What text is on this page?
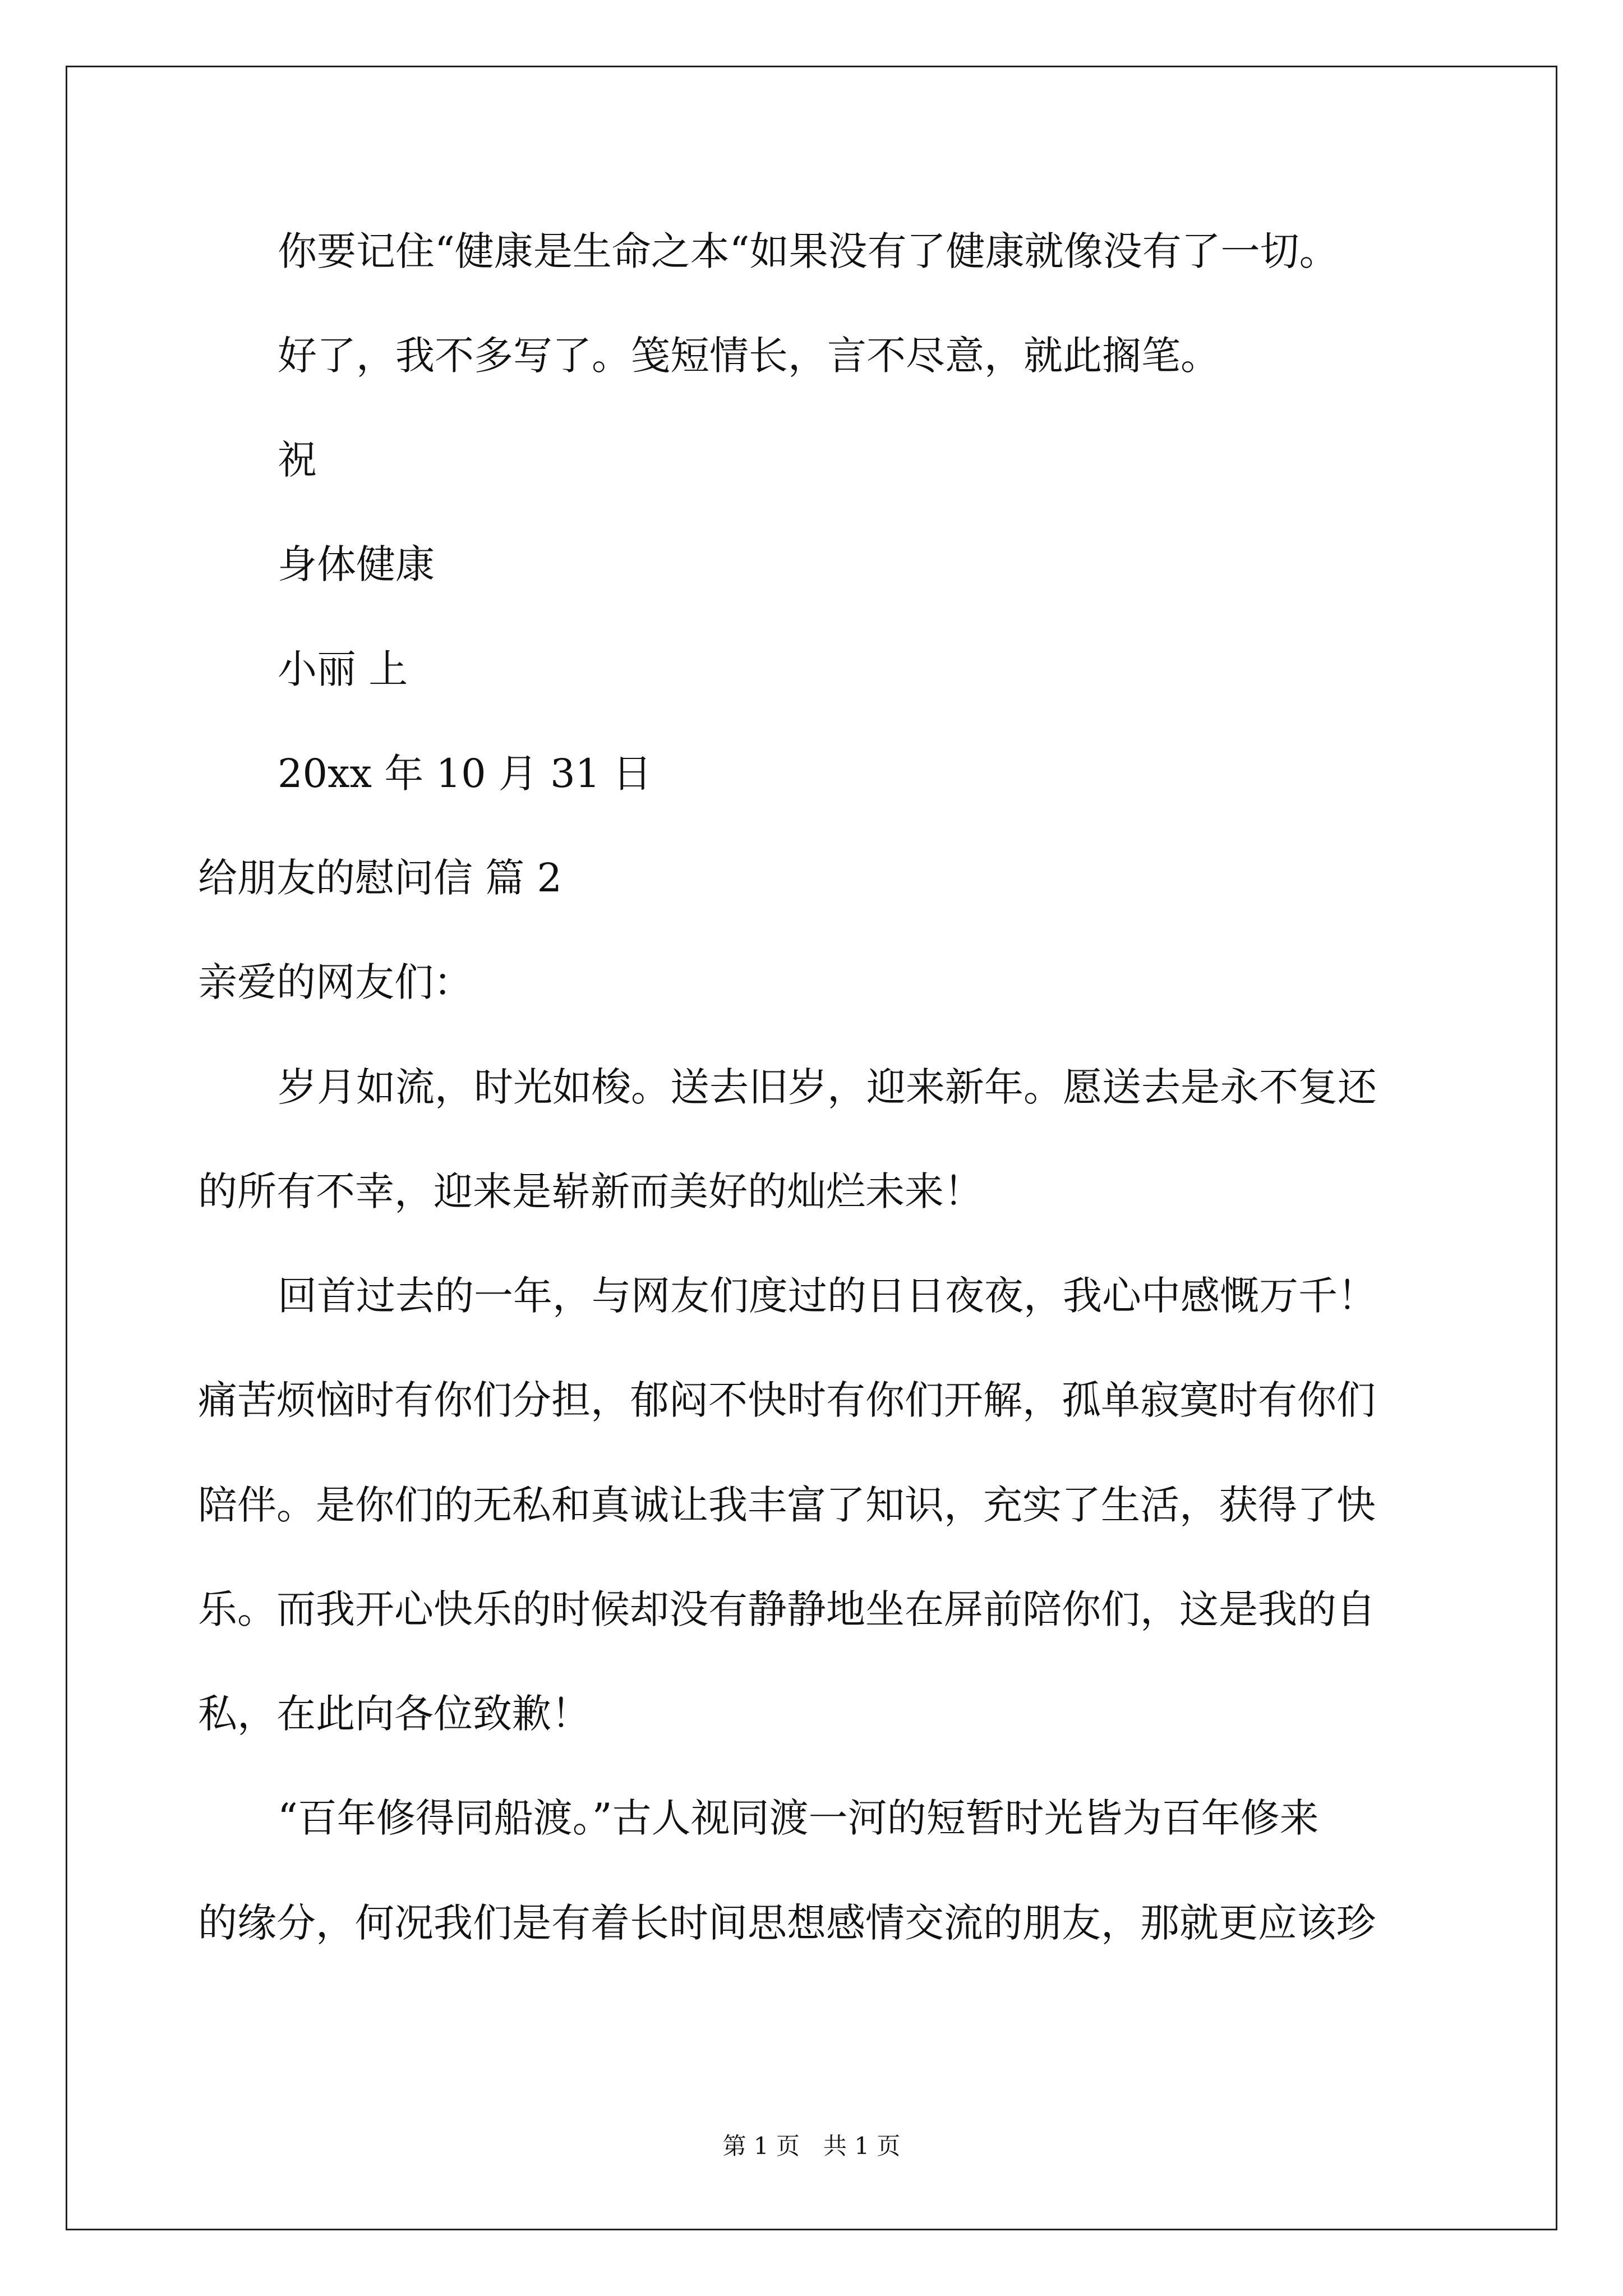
你要记住“健康是生命之本“如果没有了健康就像没有了一切。
好了，我不多写了。笺短情长，言不尽意，就此搁笔。
祝
身体健康
小丽 上
20xx 年 10 月 31 日
给朋友的慰问信 篇 2
亲爱的网友们：
岁月如流，时光如梭。送去旧岁，迎来新年。愿送去是永不复还
的所有不幸，迎来是崭新而美好的灿烂未来！
回首过去的一年，与网友们度过的日日夜夜，我心中感慨万千！
痛苦烦恼时有你们分担，郁闷不快时有你们开解，孤单寂寞时有你们
陪伴。是你们的无私和真诚让我丰富了知识，充实了生活，获得了快
乐。而我开心快乐的时候却没有静静地坐在屏前陪你们，这是我的自
私，在此向各位致歉！
“百年修得同船渡。”古人视同渡一河的短暂时光皆为百年修来
的缘分，何况我们是有着长时间思想感情交流的朋友，那就更应该珍
第 1 页 共 1 页
